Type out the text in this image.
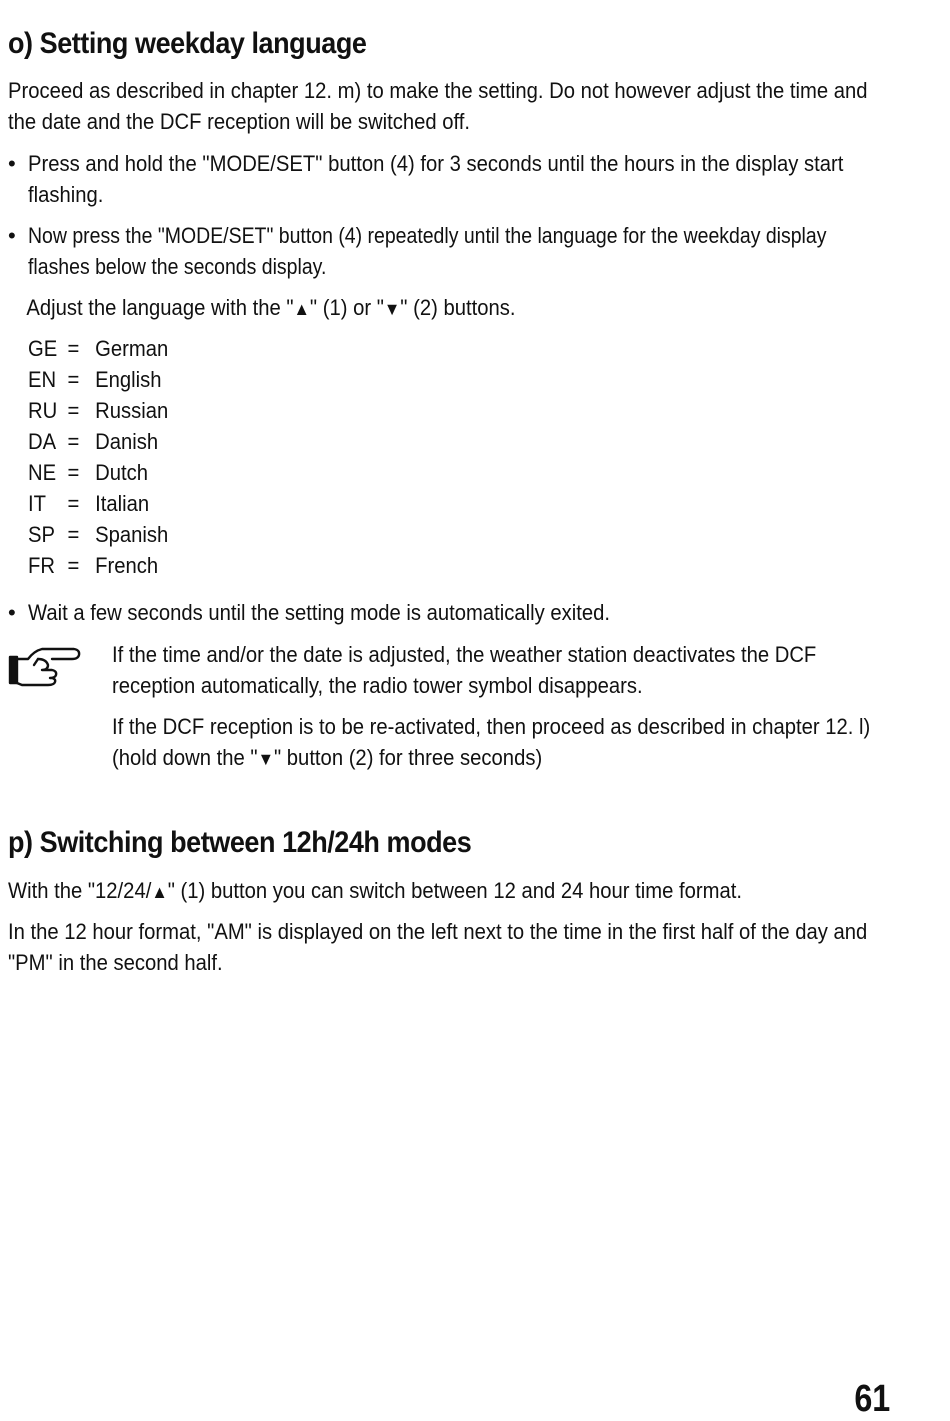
o) Setting weekday language

Proceed as described in chapter 12. m) to make the setting. Do not however adjust the time and the date and the DCF reception will be switched off.

• Press and hold the "MODE/SET" button (4) for 3 seconds until the hours in the display start flashing.

• Now press the "MODE/SET" button (4) repeatedly until the language for the weekday display flashes below the seconds display.

Adjust the language with the "▲" (1) or "▼" (2) buttons.

GE = German
EN = English
RU = Russian
DA = Danish
NE = Dutch
IT = Italian
SP = Spanish
FR = French
• Wait a few seconds until the setting mode is automatically exited.

If the time and/or the date is adjusted, the weather station deactivates the DCF reception automatically, the radio tower symbol disappears.

If the DCF reception is to be re-activated, then proceed as described in chapter 12. l) (hold down the "▼" button (2) for three seconds)

p) Switching between 12h/24h modes

With the "12/24/▲" (1) button you can switch between 12 and 24 hour time format.

In the 12 hour format, "AM" is displayed on the left next to the time in the first half of the day and "PM" in the second half.

61
